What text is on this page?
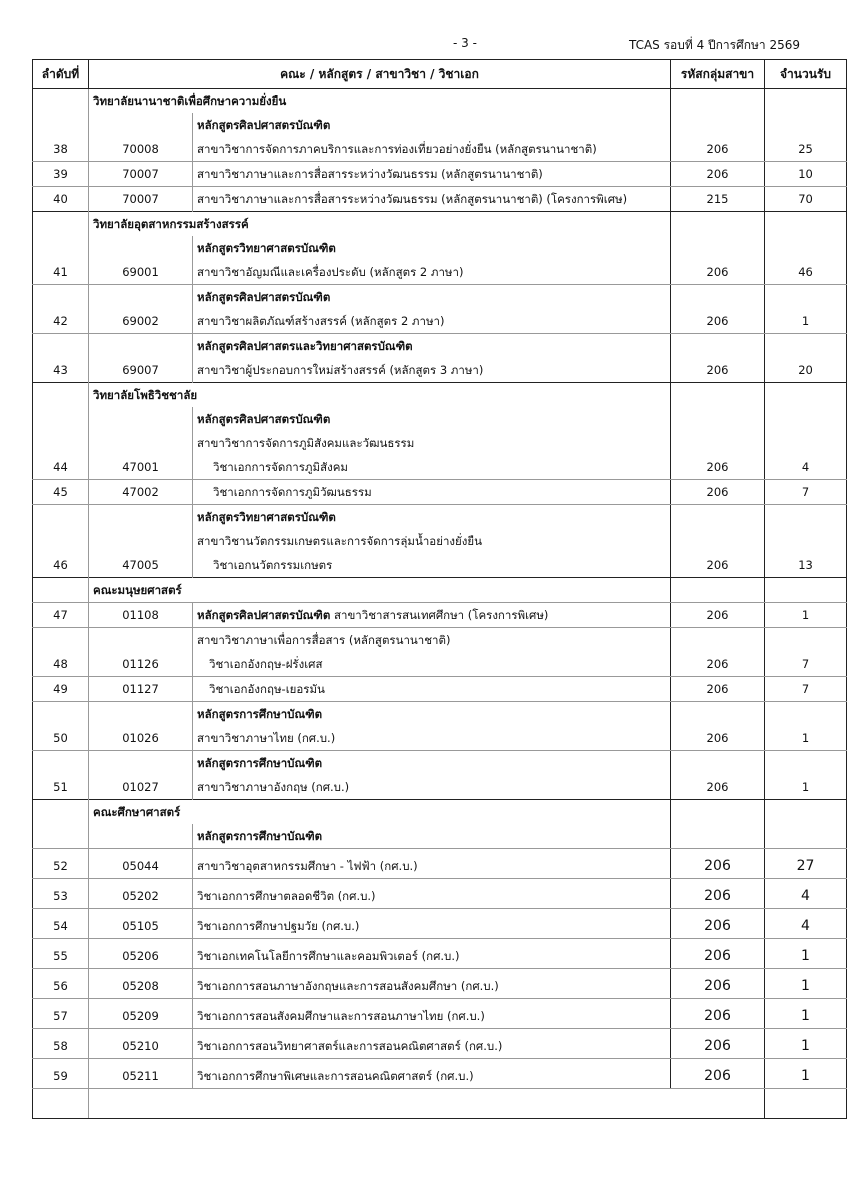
- 3 -	TCAS รอบที่ 4 ปีการศึกษา 2569
ลำดับที่	คณะ / หลักสูตร / สาขาวิชา / วิชาเอก		รหัสกลุ่มสาขา	จำนวนรับ
	วิทยาลัยนานาชาติเพื่อศึกษาความยั่งยืน			
		หลักสูตรศิลปศาสตรบัณฑิต		
38	70008	สาขาวิชาการจัดการภาคบริการและการท่องเที่ยวอย่างยั่งยืน (หลักสูตรนานาชาติ)	206	25
39	70007	สาขาวิชาภาษาและการสื่อสารระหว่างวัฒนธรรม (หลักสูตรนานาชาติ)	206	10
40	70007	สาขาวิชาภาษาและการสื่อสารระหว่างวัฒนธรรม (หลักสูตรนานาชาติ) (โครงการพิเศษ)	215	70
	วิทยาลัยอุตสาหกรรมสร้างสรรค์			
		หลักสูตรวิทยาศาสตรบัณฑิต		
41	69001	สาขาวิชาอัญมณีและเครื่องประดับ (หลักสูตร 2 ภาษา)	206	46
		หลักสูตรศิลปศาสตรบัณฑิต		
42	69002	สาขาวิชาผลิตภัณฑ์สร้างสรรค์ (หลักสูตร 2 ภาษา)	206	1
		หลักสูตรศิลปศาสตรและวิทยาศาสตรบัณฑิต		
43	69007	สาขาวิชาผู้ประกอบการใหม่สร้างสรรค์ (หลักสูตร 3 ภาษา)	206	20
	วิทยาลัยโพธิวิชชาลัย			
		หลักสูตรศิลปศาสตรบัณฑิต		
		สาขาวิชาการจัดการภูมิสังคมและวัฒนธรรม		
44	47001	วิชาเอกการจัดการภูมิสังคม	206	4
45	47002	วิชาเอกการจัดการภูมิวัฒนธรรม	206	7
		หลักสูตรวิทยาศาสตรบัณฑิต		
		สาขาวิชานวัตกรรมเกษตรและการจัดการลุ่มน้ำอย่างยั่งยืน		
46	47005	วิชาเอกนวัตกรรมเกษตร	206	13
	คณะมนุษยศาสตร์			
47	01108	หลักสูตรศิลปศาสตรบัณฑิต สาขาวิชาสารสนเทศศึกษา (โครงการพิเศษ)	206	1
		สาขาวิชาภาษาเพื่อการสื่อสาร (หลักสูตรนานาชาติ)		
48	01126	วิชาเอกอังกฤษ-ฝรั่งเศส	206	7
49	01127	วิชาเอกอังกฤษ-เยอรมัน	206	7
		หลักสูตรการศึกษาบัณฑิต		
50	01026	สาขาวิชาภาษาไทย (กศ.บ.)	206	1
		หลักสูตรการศึกษาบัณฑิต		
51	01027	สาขาวิชาภาษาอังกฤษ (กศ.บ.)	206	1
	คณะศึกษาศาสตร์			
		หลักสูตรการศึกษาบัณฑิต		
52	05044	สาขาวิชาอุตสาหกรรมศึกษา - ไฟฟ้า (กศ.บ.)	206	27
53	05202	วิชาเอกการศึกษาตลอดชีวิต (กศ.บ.)	206	4
54	05105	วิชาเอกการศึกษาปฐมวัย (กศ.บ.)	206	4
55	05206	วิชาเอกเทคโนโลยีการศึกษาและคอมพิวเตอร์ (กศ.บ.)	206	1
56	05208	วิชาเอกการสอนภาษาอังกฤษและการสอนสังคมศึกษา (กศ.บ.)	206	1
57	05209	วิชาเอกการสอนสังคมศึกษาและการสอนภาษาไทย (กศ.บ.)	206	1
58	05210	วิชาเอกการสอนวิทยาศาสตร์และการสอนคณิตศาสตร์ (กศ.บ.)	206	1
59	05211	วิชาเอกการศึกษาพิเศษและการสอนคณิตศาสตร์ (กศ.บ.)	206	1
